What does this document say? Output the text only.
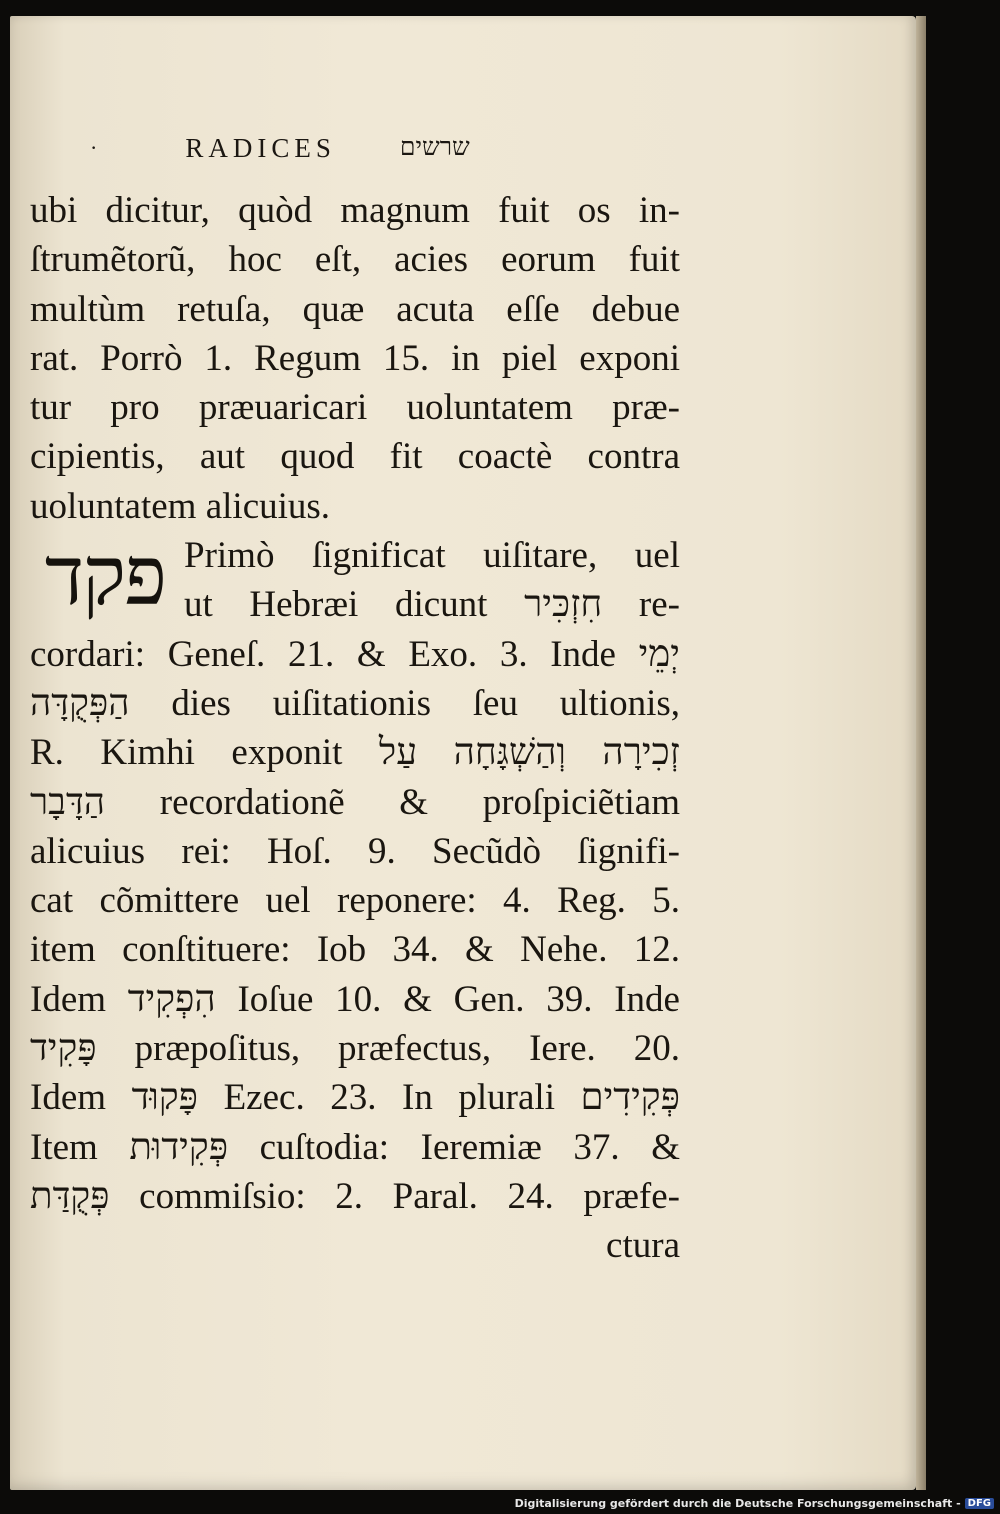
·	RADICES	שרשים
פקד
ubi dicitur, quòd magnum fuit os in-
ſtrumẽtorũ, hoc eſt, acies eorum fuit
multùm retuſa, quæ acuta eſſe debue
rat. Porrò 1. Regum 15. in piel exponi
tur pro præuaricari uoluntatem præ-
cipientis, aut quod fit coactè contra
uoluntatem alicuius.
Primò ſignificat uiſitare, uel
ut Hebræi dicunt חִזְכִּיר re-
cordari: Geneſ. 21. & Exo. 3. Inde יְמֵי
הַפְּקֻדָּה dies uiſitationis ſeu ultionis,
R. Kimhi exponit זְכִירָה וְהַשְׁגָּחָה עַל
הַדָּבָר recordationẽ & proſpiciẽtiam
alicuius rei: Hoſ. 9. Secũdò ſignifi-
cat cõmittere uel reponere: 4. Reg. 5.
item conſtituere: Iob 34. & Nehe. 12.
Idem הִפְקִיד Ioſue 10. & Gen. 39. Inde
פָּקִיד præpoſitus, præfectus, Iere. 20.
Idem פָּקוּד Ezec. 23. In plurali פְּקִידִים
Item פְּקִידוּת cuſtodia: Ieremiæ 37. &
פְּקֻדַּת commiſsio: 2. Paral. 24. præfe-
ctura
Digitalisierung gefördert durch die Deutsche Forschungsgemeinschaft - DFG
